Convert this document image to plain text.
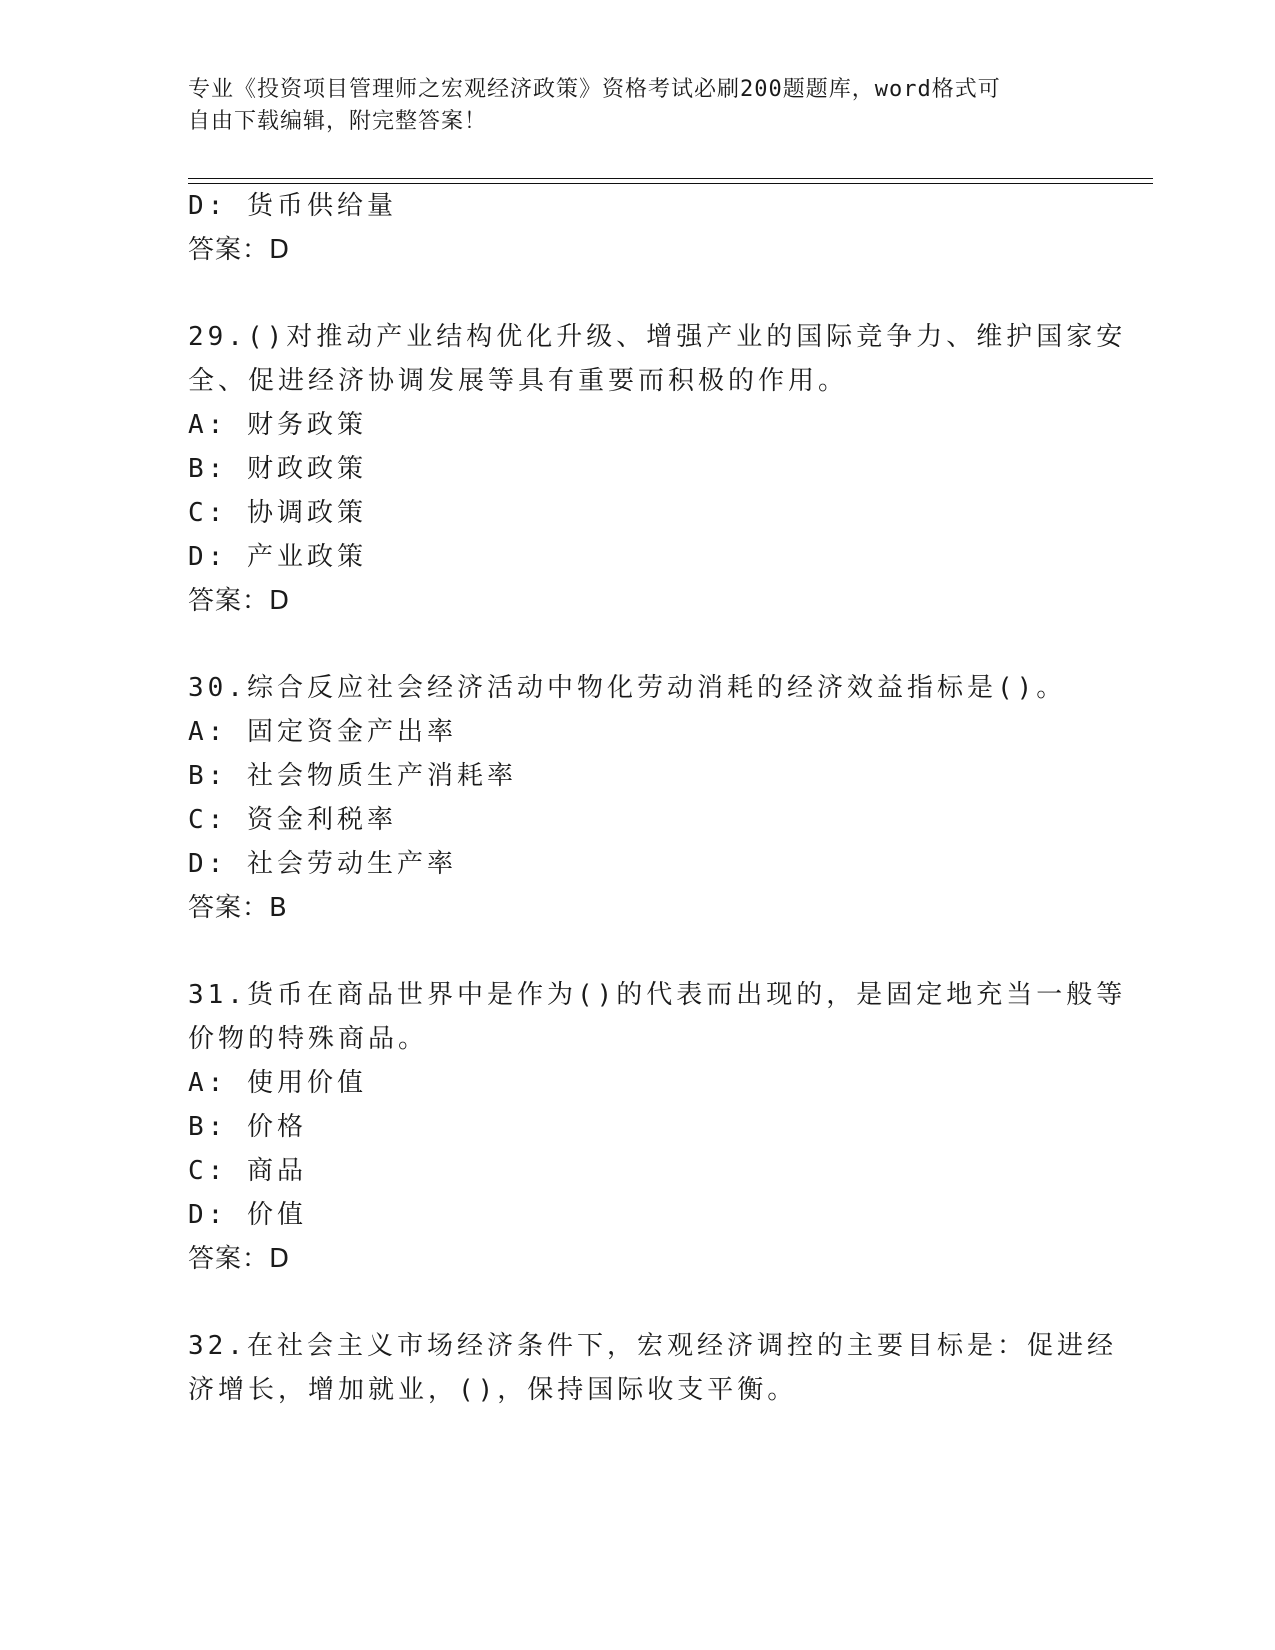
专业《投资项目管理师之宏观经济政策》资格考试必刷200题题库，word格式可
自由下载编辑，附完整答案！
D: 货币供给量
答案：D
29.()对推动产业结构优化升级、增强产业的国际竞争力、维护国家安
全、促进经济协调发展等具有重要而积极的作用。
A: 财务政策
B: 财政政策
C: 协调政策
D: 产业政策
答案：D
30.综合反应社会经济活动中物化劳动消耗的经济效益指标是()。
A: 固定资金产出率
B: 社会物质生产消耗率
C: 资金利税率
D: 社会劳动生产率
答案：B
31.货币在商品世界中是作为()的代表而出现的，是固定地充当一般等
价物的特殊商品。
A: 使用价值
B: 价格
C: 商品
D: 价值
答案：D
32.在社会主义市场经济条件下，宏观经济调控的主要目标是：促进经
济增长，增加就业，()，保持国际收支平衡。
